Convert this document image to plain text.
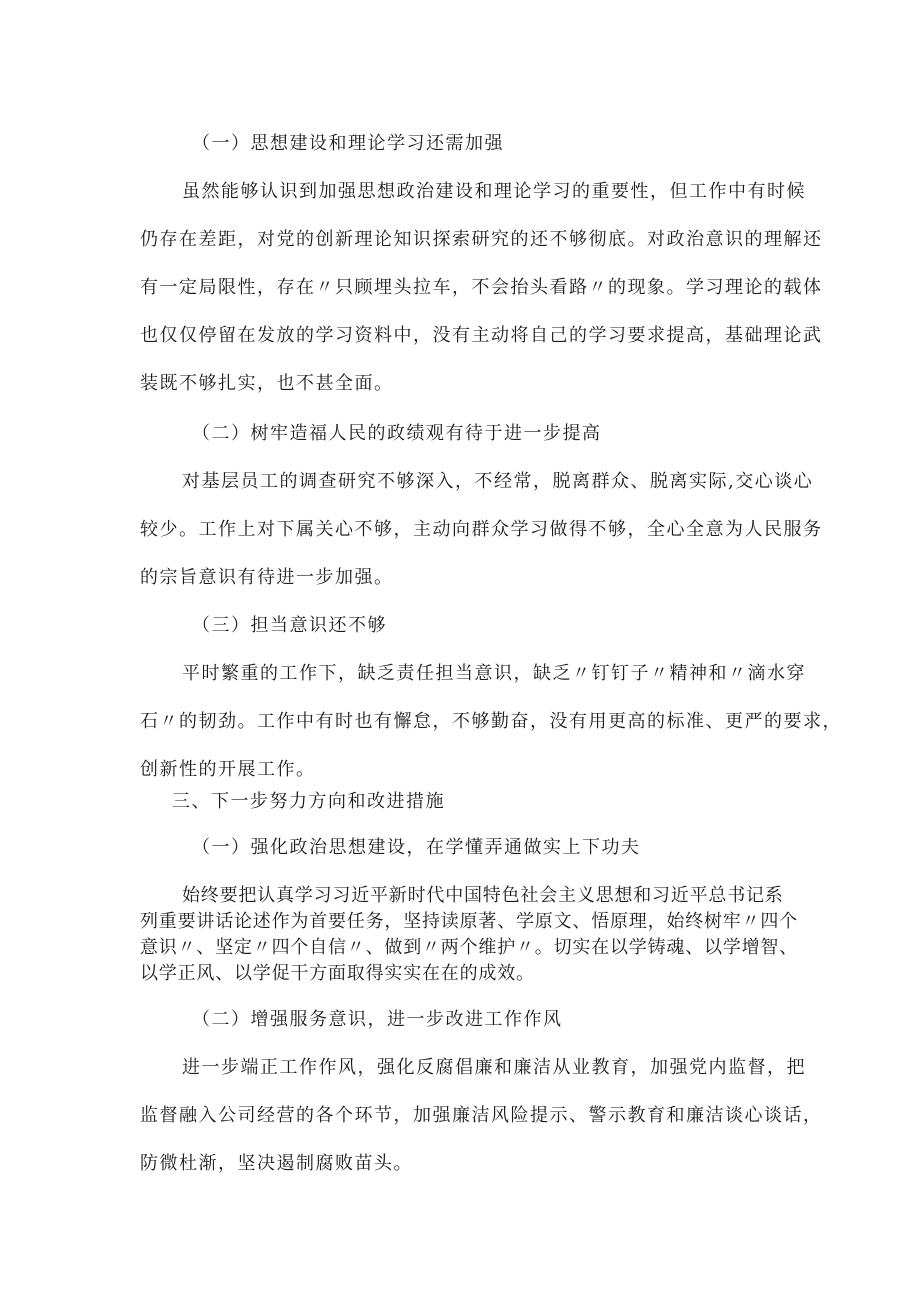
（一）思想建设和理论学习还需加强
虽然能够认识到加强思想政治建设和理论学习的重要性，但工作中有时候
仍存在差距，对党的创新理论知识探索研究的还不够彻底。对政治意识的理解还
有一定局限性，存在〃只顾埋头拉车，不会抬头看路〃的现象。学习理论的载体
也仅仅停留在发放的学习资料中，没有主动将自己的学习要求提高，基础理论武
装既不够扎实，也不甚全面。
（二）树牢造福人民的政绩观有待于进一步提高
对基层员工的调查研究不够深入，不经常，脱离群众、脱离实际,交心谈心
较少。工作上对下属关心不够，主动向群众学习做得不够，全心全意为人民服务
的宗旨意识有待进一步加强。
（三）担当意识还不够
平时繁重的工作下，缺乏责任担当意识，缺乏〃钉钉子〃精神和〃滴水穿
石〃的韧劲。工作中有时也有懈怠，不够勤奋，没有用更高的标准、更严的要求，
创新性的开展工作。
三、下一步努力方向和改进措施
（一）强化政治思想建设，在学懂弄通做实上下功夫
始终要把认真学习习近平新时代中国特色社会主义思想和习近平总书记系
列重要讲话论述作为首要任务，坚持读原著、学原文、悟原理，始终树牢〃四个
意识〃、坚定〃四个自信〃、做到〃两个维护〃。切实在以学铸魂、以学增智、
以学正风、以学促干方面取得实实在在的成效。
（二）增强服务意识，进一步改进工作作风
进一步端正工作作风，强化反腐倡廉和廉洁从业教育，加强党内监督，把
监督融入公司经营的各个环节，加强廉洁风险提示、警示教育和廉洁谈心谈话，
防微杜渐，坚决遏制腐败苗头。
